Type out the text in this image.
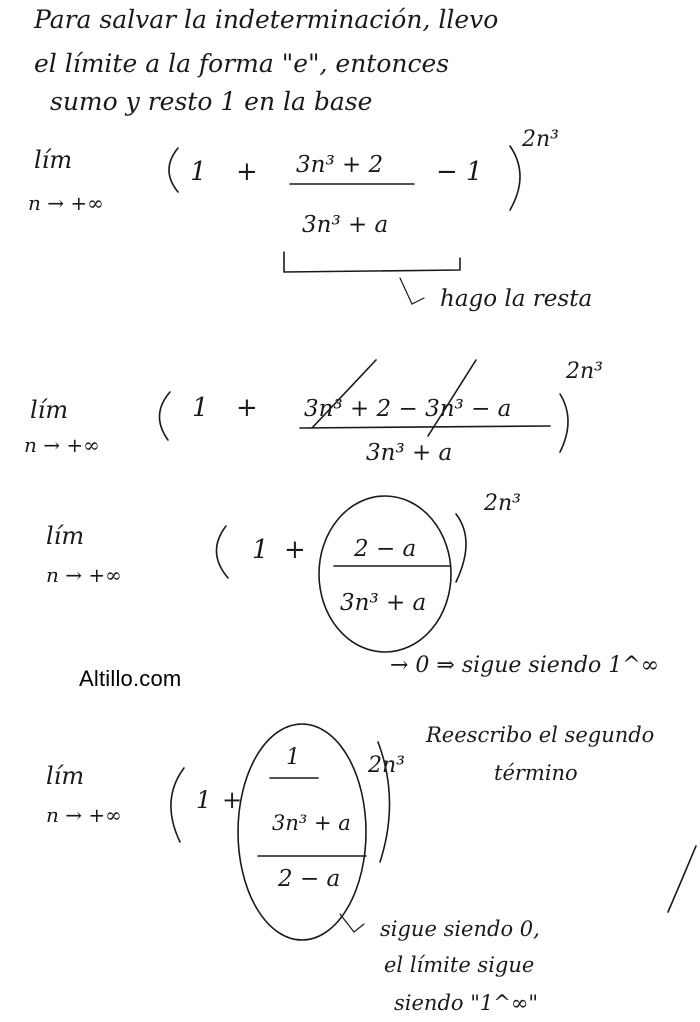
Para salvar la indeterminación, llevo
el límite a la forma "e", entonces
sumo y resto 1 en la base
lím
n → +∞
1 + 3n³ + 2
3n³ + a
− 1
2n³
hago la resta
lím
n → +∞
1 + 3n³ + 2 − 3n³ − a
3n³ + a
2n³
lím
n → +∞
1 + 2 − a
3n³ + a
2n³
→ 0 ⇒ sigue siendo 1^∞
lím
n → +∞
1 +
1
3n³ + a
2 − a
2n³
Reescribo el segundo
término
sigue siendo 0,
el límite sigue
siendo "1^∞"
Altillo.com
